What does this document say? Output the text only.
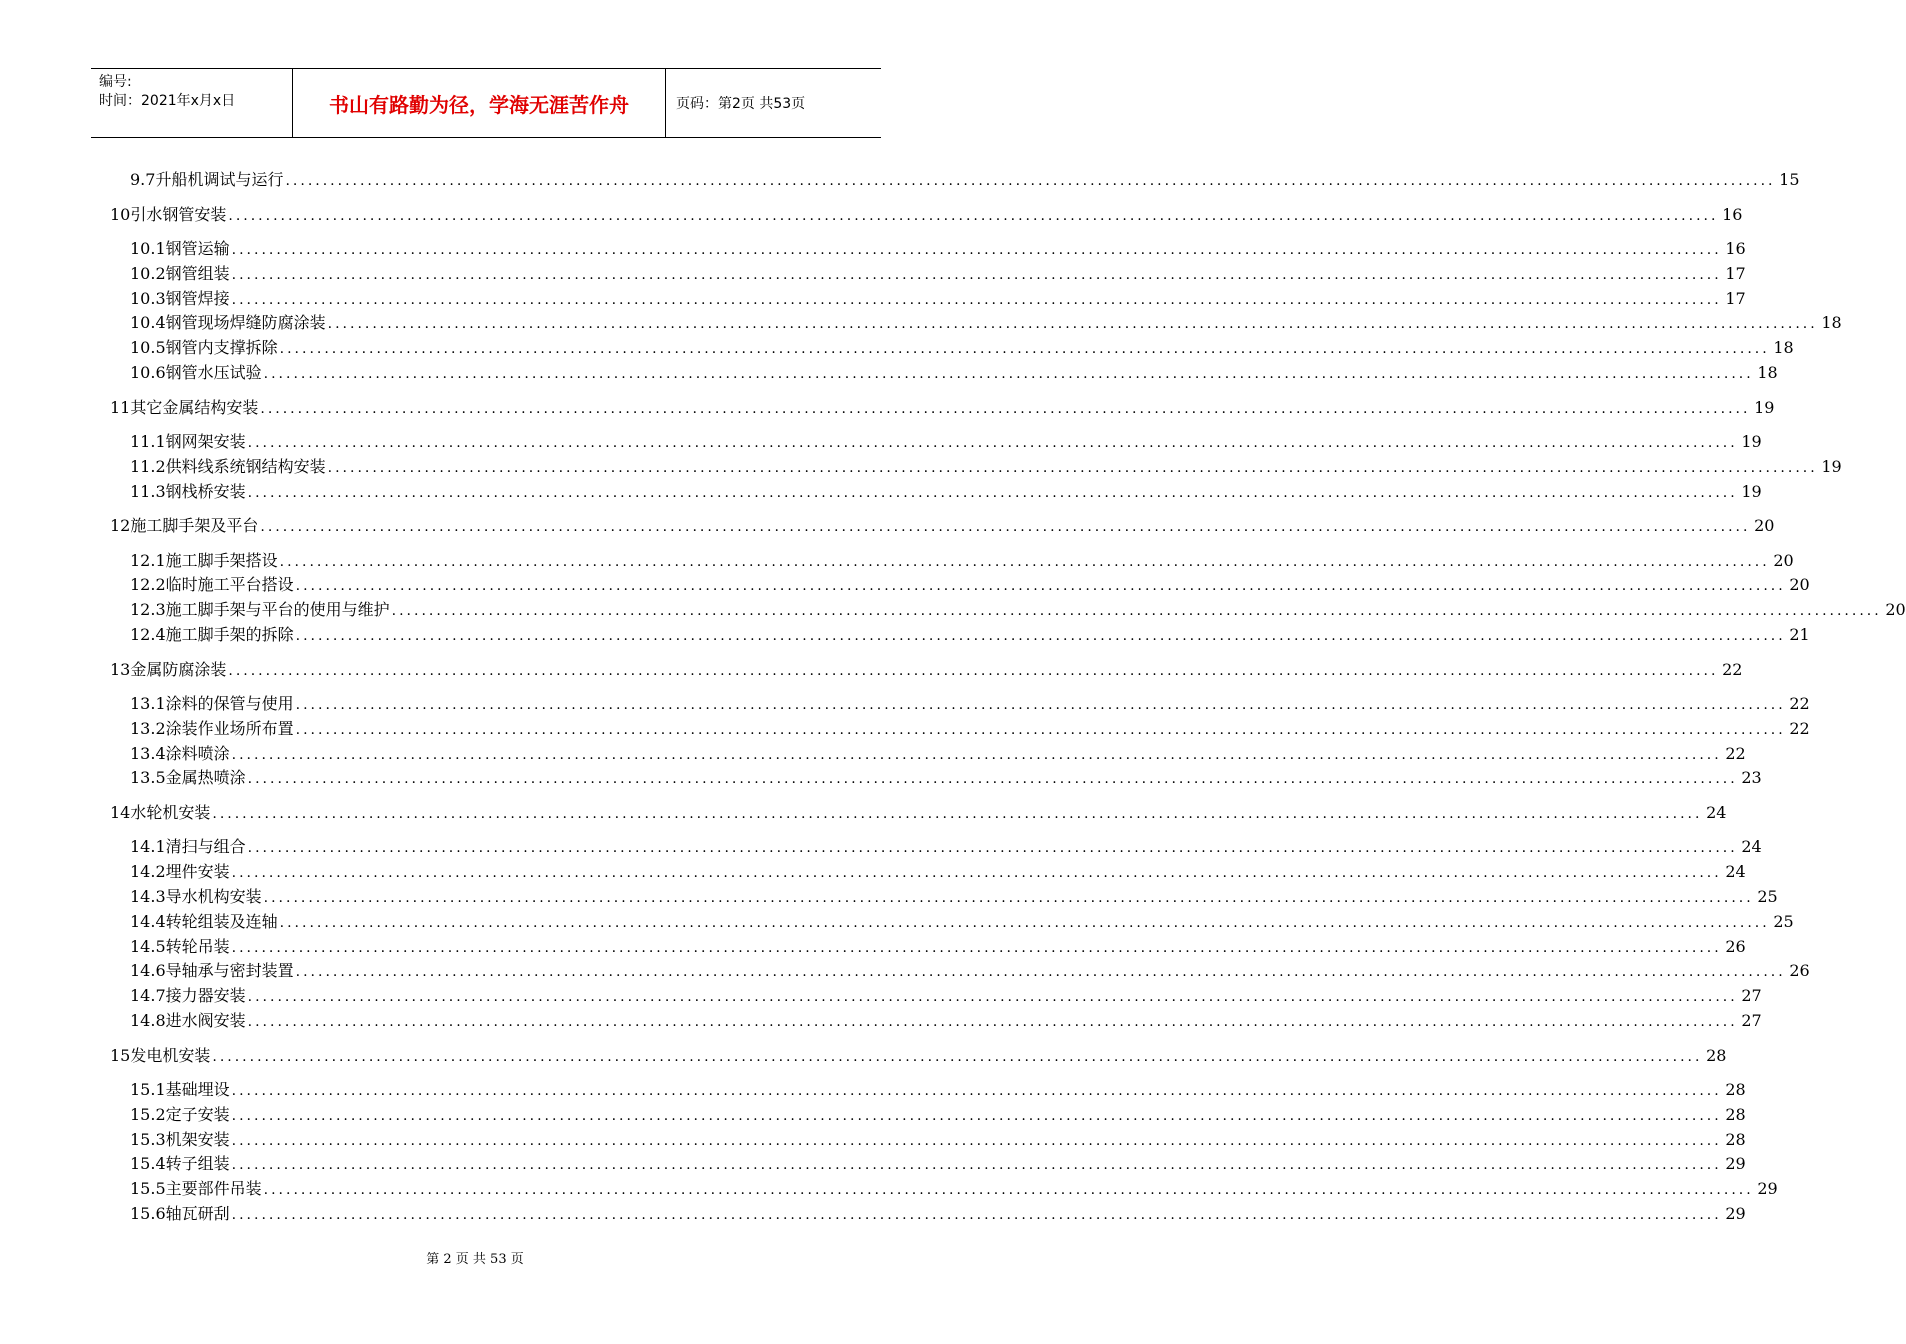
编号:
时间：2021年x月x日	书山有路勤为径，学海无涯苦作舟	页码：第2页 共53页
9.7 升船机调试与运行 ........................................................................................................................................................................................................ 15
10 引水钢管安装 ........................................................................................................................................................................................................ 16
10.1 钢管运输 ........................................................................................................................................................................................................ 16
10.2 钢管组装 ........................................................................................................................................................................................................ 17
10.3 钢管焊接 ........................................................................................................................................................................................................ 17
10.4 钢管现场焊缝防腐涂装 ........................................................................................................................................................................................................ 18
10.5 钢管内支撑拆除 ........................................................................................................................................................................................................ 18
10.6 钢管水压试验 ........................................................................................................................................................................................................ 18
11 其它金属结构安装 ........................................................................................................................................................................................................ 19
11.1 钢网架安装 ........................................................................................................................................................................................................ 19
11.2 供料线系统钢结构安装 ........................................................................................................................................................................................................ 19
11.3 钢栈桥安装 ........................................................................................................................................................................................................ 19
12 施工脚手架及平台 ........................................................................................................................................................................................................ 20
12.1 施工脚手架搭设 ........................................................................................................................................................................................................ 20
12.2 临时施工平台搭设 ........................................................................................................................................................................................................ 20
12.3 施工脚手架与平台的使用与维护 ........................................................................................................................................................................................................ 20
12.4 施工脚手架的拆除 ........................................................................................................................................................................................................ 21
13 金属防腐涂装 ........................................................................................................................................................................................................ 22
13.1 涂料的保管与使用 ........................................................................................................................................................................................................ 22
13.2 涂装作业场所布置 ........................................................................................................................................................................................................ 22
13.4 涂料喷涂 ........................................................................................................................................................................................................ 22
13.5 金属热喷涂 ........................................................................................................................................................................................................ 23
14 水轮机安装 ........................................................................................................................................................................................................ 24
14.1 清扫与组合 ........................................................................................................................................................................................................ 24
14.2 埋件安装 ........................................................................................................................................................................................................ 24
14.3 导水机构安装 ........................................................................................................................................................................................................ 25
14.4 转轮组装及连轴 ........................................................................................................................................................................................................ 25
14.5 转轮吊装 ........................................................................................................................................................................................................ 26
14.6 导轴承与密封装置 ........................................................................................................................................................................................................ 26
14.7 接力器安装 ........................................................................................................................................................................................................ 27
14.8 进水阀安装 ........................................................................................................................................................................................................ 27
15 发电机安装 ........................................................................................................................................................................................................ 28
15.1 基础埋设 ........................................................................................................................................................................................................ 28
15.2 定子安装 ........................................................................................................................................................................................................ 28
15.3 机架安装 ........................................................................................................................................................................................................ 28
15.4 转子组装 ........................................................................................................................................................................................................ 29
15.5 主要部件吊装 ........................................................................................................................................................................................................ 29
15.6 轴瓦研刮 ........................................................................................................................................................................................................ 29
第 2 页 共 53 页
